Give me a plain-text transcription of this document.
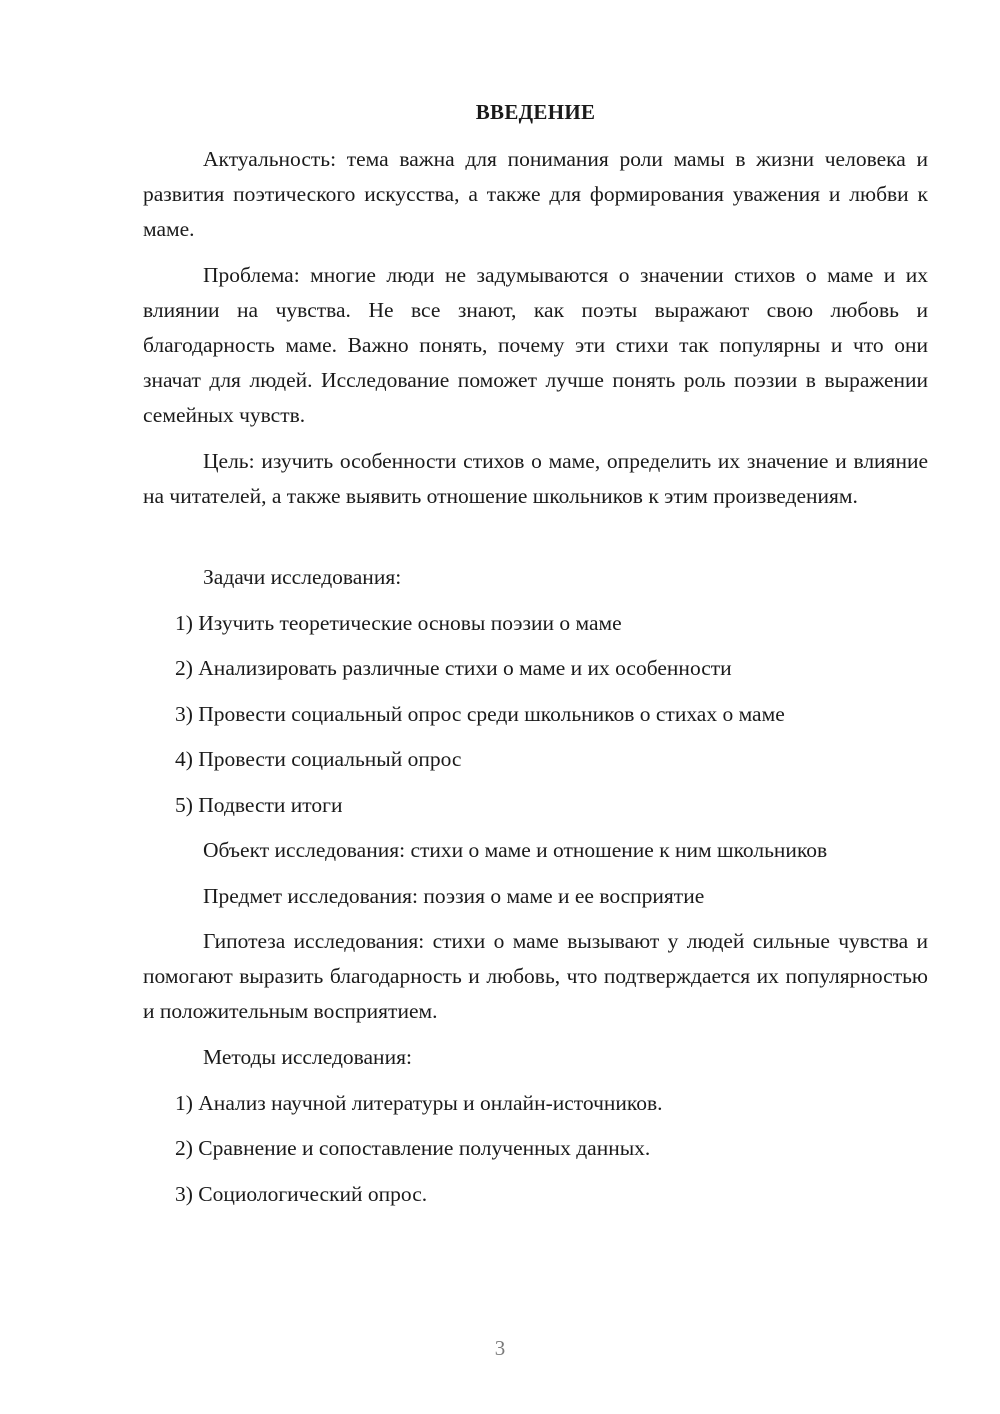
ВВЕДЕНИЕ

Актуальность: тема важна для понимания роли мамы в жизни человека и развития поэтического искусства, а также для формирования уважения и любви к маме.

Проблема: многие люди не задумываются о значении стихов о маме и их влиянии на чувства. Не все знают, как поэты выражают свою любовь и благодарность маме. Важно понять, почему эти стихи так популярны и что они значат для людей. Исследование поможет лучше понять роль поэзии в выражении семейных чувств.

Цель: изучить особенности стихов о маме, определить их значение и влияние на читателей, а также выявить отношение школьников к этим произведениям.

Задачи исследования:

1) Изучить теоретические основы поэзии о маме

2) Анализировать различные стихи о маме и их особенности

3) Провести социальный опрос среди школьников о стихах о маме

4) Провести социальный опрос

5) Подвести итоги

Объект исследования: стихи о маме и отношение к ним школьников

Предмет исследования: поэзия о маме и ее восприятие

Гипотеза исследования: стихи о маме вызывают у людей сильные чувства и помогают выразить благодарность и любовь, что подтверждается их популярностью и положительным восприятием.

Методы исследования:

1) Анализ научной литературы и онлайн-источников.

2) Сравнение и сопоставление полученных данных.

3) Социологический опрос.

3
